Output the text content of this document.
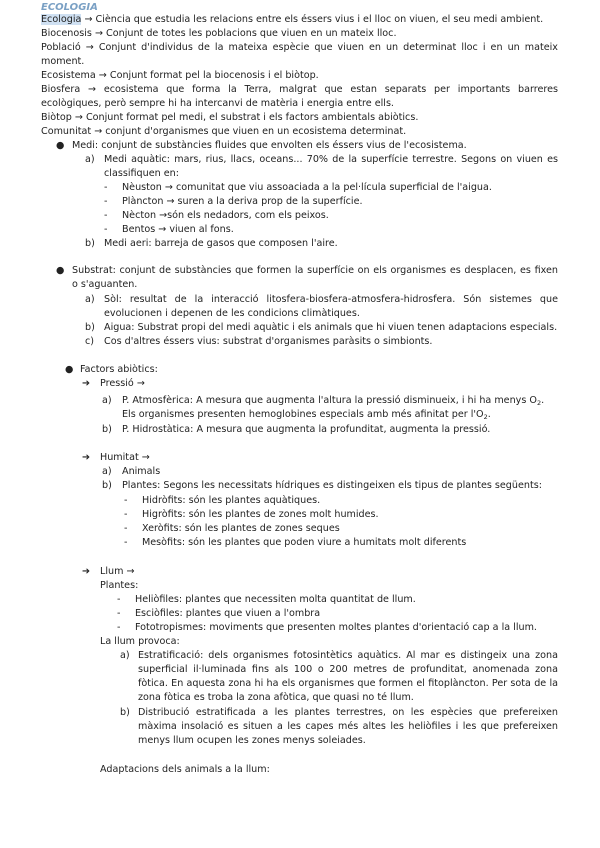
ECOLOGIA
Ecologia → Ciència que estudia les relacions entre els éssers vius i el lloc on viuen, el seu medi ambient.
Biocenosis → Conjunt de totes les poblacions que viuen en un mateix lloc.
Població → Conjunt d'individus de la mateixa espècie que viuen en un determinat lloc i en un mateix
moment.
Ecosistema → Conjunt format pel la biocenosis i el biòtop.
Biosfera → ecosistema que forma la Terra, malgrat que estan separats per importants barreres
ecològiques, però sempre hi ha intercanvi de matèria i energia entre ells.
Biòtop → Conjunt format pel medi, el substrat i els factors ambientals abiòtics.
Comunitat → conjunt d'organismes que viuen en un ecosistema determinat.
● Medi: conjunt de substàncies fluides que envolten els éssers vius de l'ecosistema.
a) Medi aquàtic: mars, rius, llacs, oceans... 70% de la superfície terrestre. Segons on viuen es
classifiquen en:
- Nèuston → comunitat que viu assoaciada a la pel·lícula superficial de l'aigua.
- Plàncton → suren a la deriva prop de la superfície.
- Nècton →són els nedadors, com els peixos.
- Bentos → viuen al fons.
b) Medi aeri: barreja de gasos que composen l'aire.
● Substrat: conjunt de substàncies que formen la superfície on els organismes es desplacen, es fixen
o s'aguanten.
a) Sòl: resultat de la interacció litosfera-biosfera-atmosfera-hidrosfera. Són sistemes que
evolucionen i depenen de les condicions climàtiques.
b) Aigua: Substrat propi del medi aquàtic i els animals que hi viuen tenen adaptacions especials.
c) Cos d'altres éssers vius: substrat d'organismes paràsits o simbionts.
● Factors abiòtics:
➔ Pressió →
a) P. Atmosfèrica: A mesura que augmenta l'altura la pressió disminueix, i hi ha menys $O_2$.
Els organismes presenten hemoglobines especials amb més afinitat per $l'O_2$.
b) P. Hidrostàtica: A mesura que augmenta la profunditat, augmenta la pressió.
➔ Humitat →
a) Animals
b) Plantes: Segons les necessitats hídriques es distingeixen els tipus de plantes següents:
- Hidròfits: són les plantes aquàtiques.
- Higròfits: són les plantes de zones molt humides.
- Xeròfits: són les plantes de zones seques
- Mesòfits: són les plantes que poden viure a humitats molt diferents
➔ Llum →
Plantes:
- Heliòfiles: plantes que necessiten molta quantitat de llum.
- Esciòfiles: plantes que viuen a l'ombra
- Fototropismes: moviments que presenten moltes plantes d'orientació cap a la llum.
La llum provoca:
a) Estratificació: dels organismes fotosintètics aquàtics. Al mar es distingeix una zona
superficial il·luminada fins als 100 o 200 metres de profunditat, anomenada zona
fòtica. En aquesta zona hi ha els organismes que formen el fitoplàncton. Per sota de la
zona fòtica es troba la zona afòtica, que quasi no té llum.
b) Distribució estratificada a les plantes terrestres, on les espècies que prefereixen
màxima insolació es situen a les capes més altes les heliòfiles i les que prefereixen
menys llum ocupen les zones menys soleiades.
Adaptacions dels animals a la llum:
